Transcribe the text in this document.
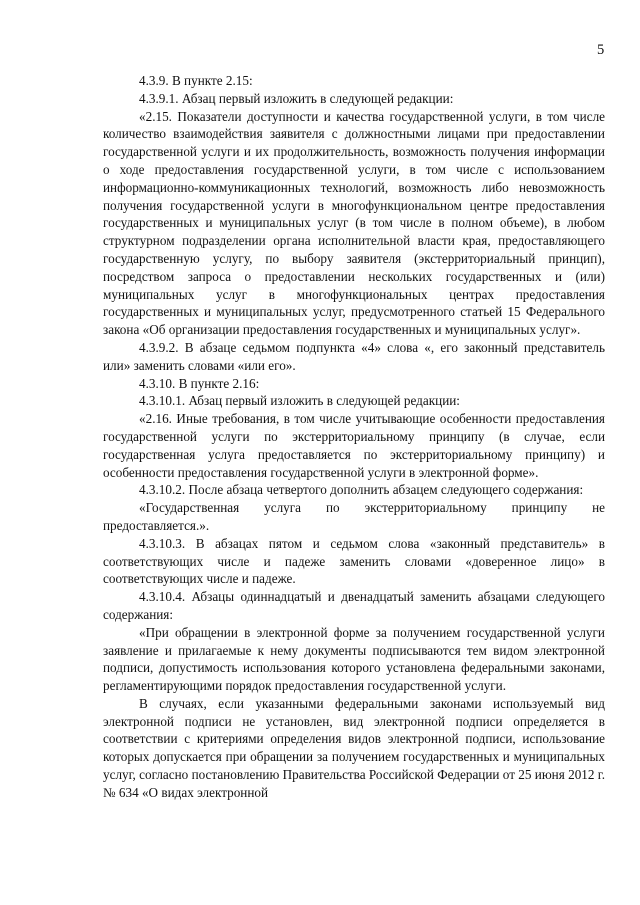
5

4.3.9. В пункте 2.15:

4.3.9.1. Абзац первый изложить в следующей редакции:

«2.15. Показатели доступности и качества государственной услуги, в том числе количество взаимодействия заявителя с должностными лицами при предоставлении государственной услуги и их продолжительность, возможность получения информации о ходе предоставления государственной услуги, в том числе с использованием информационно-коммуникационных технологий, возможность либо невозможность получения государственной услуги в многофункциональном центре предоставления государственных и муниципальных услуг (в том числе в полном объеме), в любом структурном подразделении органа исполнительной власти края, предоставляющего государственную услугу, по выбору заявителя (экстерриториальный принцип), посредством запроса о предоставлении нескольких государственных и (или) муниципальных услуг в многофункциональных центрах предоставления государственных и муниципальных услуг, предусмотренного статьей 15 Федерального закона «Об организации предоставления государственных и муниципальных услуг».

4.3.9.2. В абзаце седьмом подпункта «4» слова «, его законный представитель или» заменить словами «или его».

4.3.10. В пункте 2.16:

4.3.10.1. Абзац первый изложить в следующей редакции:

«2.16. Иные требования, в том числе учитывающие особенности предоставления государственной услуги по экстерриториальному принципу (в случае, если государственная услуга предоставляется по экстерриториальному принципу) и особенности предоставления государственной услуги в электронной форме».

4.3.10.2. После абзаца четвертого дополнить абзацем следующего содержания:

«Государственная услуга по экстерриториальному принципу не предоставляется.».

4.3.10.3. В абзацах пятом и седьмом слова «законный представитель» в соответствующих числе и падеже заменить словами «доверенное лицо» в соответствующих числе и падеже.

4.3.10.4. Абзацы одиннадцатый и двенадцатый заменить абзацами следующего содержания:

«При обращении в электронной форме за получением государственной услуги заявление и прилагаемые к нему документы подписываются тем видом электронной подписи, допустимость использования которого установлена федеральными законами, регламентирующими порядок предоставления государственной услуги.

В случаях, если указанными федеральными законами используемый вид электронной подписи не установлен, вид электронной подписи определяется в соответствии с критериями определения видов электронной подписи, использование которых допускается при обращении за получением государственных и муниципальных услуг, согласно постановлению Правительства Российской Федерации от 25 июня 2012 г. № 634 «О видах электронной
